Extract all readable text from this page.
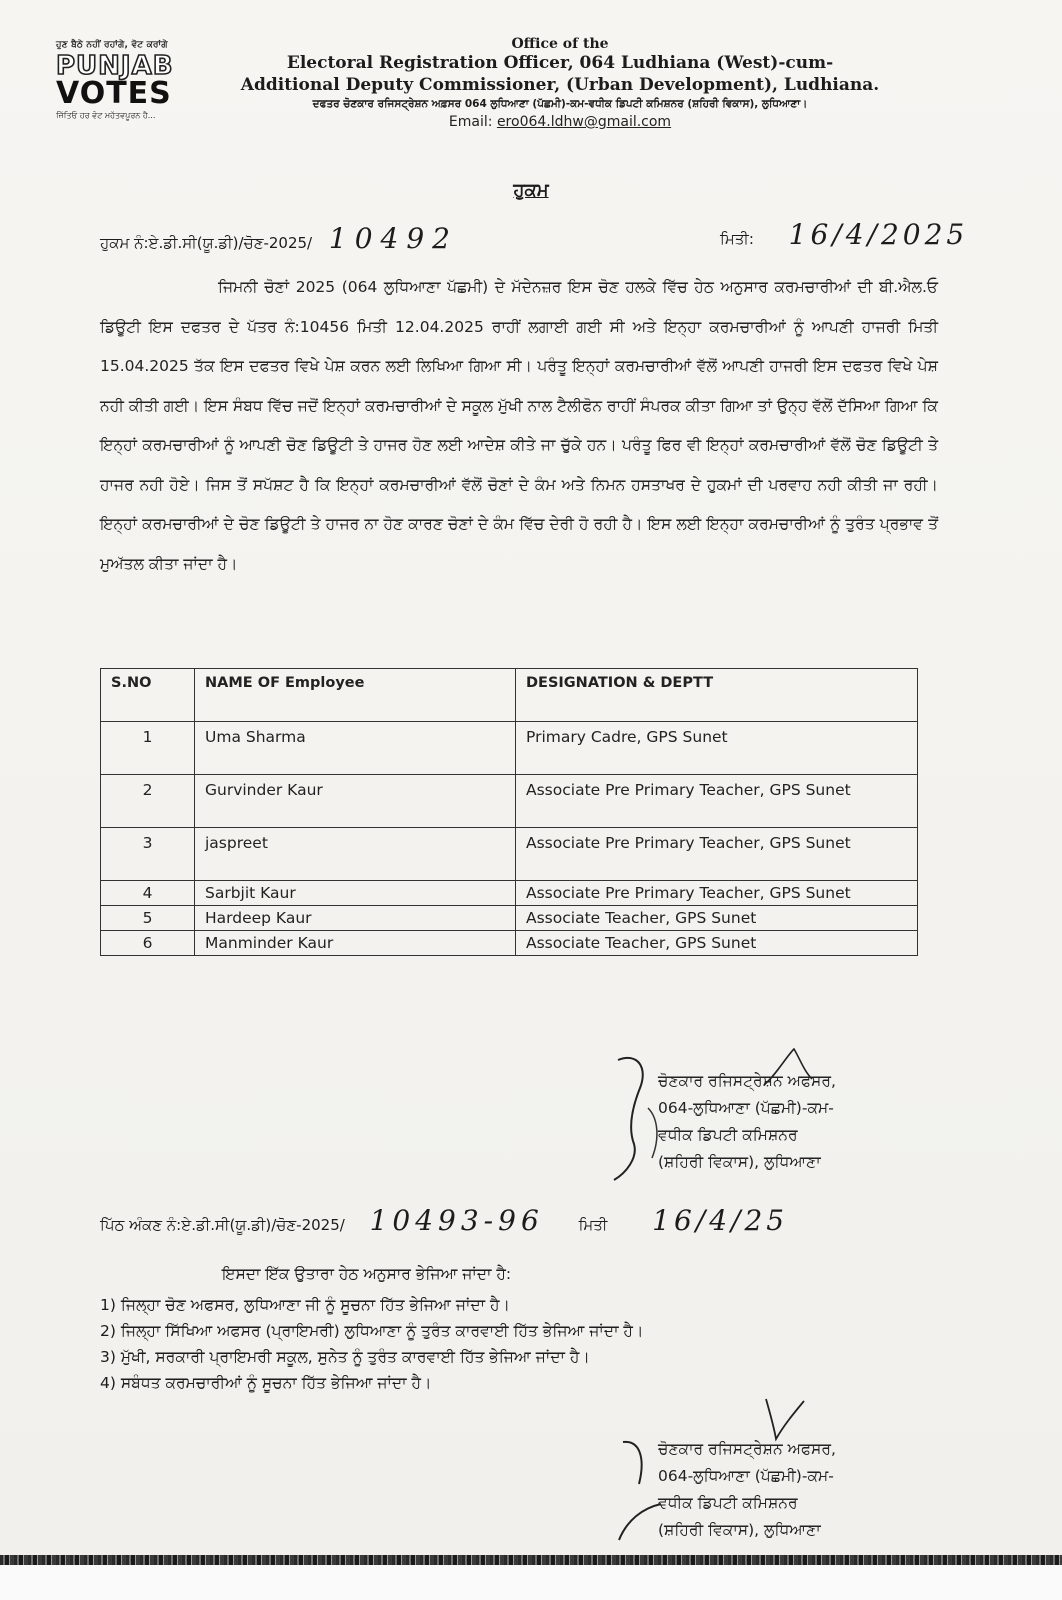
ਹੁਣ ਬੈਠੇ ਨਹੀਂ ਰਹਾਂਗੇ, ਵੋਟ ਕਰਾਂਗੇ
PUNJAB
VOTES
ਜਿੱਤਿਓ ਹਰ ਵੋਟ ਮਹੱਤਵਪੂਰਨ ਹੈ...
Office of the
Electoral Registration Officer, 064 Ludhiana (West)-cum-
Additional Deputy Commissioner, (Urban Development), Ludhiana.
ਦਫਤਰ ਚੋਣਕਾਰ ਰਜਿਸਟ੍ਰੇਸ਼ਨ ਅਫ਼ਸਰ 064 ਲੁਧਿਆਣਾ (ਪੱਛਮੀ)-ਕਮ-ਵਧੀਕ ਡਿਪਟੀ ਕਮਿਸ਼ਨਰ (ਸ਼ਹਿਰੀ ਵਿਕਾਸ), ਲੁਧਿਆਣਾ।
Email: ero064.ldhw@gmail.com
ਹੁਕਮ
ਹੁਕਮ ਨੰ:ਏ.ਡੀ.ਸੀ(ਯੂ.ਡੀ)/ਚੋਣ-2025/ 10492	ਮਿਤੀ: 16/4/2025
ਜਿਮਨੀ ਚੋਣਾਂ 2025 (064 ਲੁਧਿਆਣਾ ਪੱਛਮੀ) ਦੇ ਮੱਦੇਨਜ਼ਰ ਇਸ ਚੋਣ ਹਲਕੇ ਵਿੱਚ ਹੇਠ ਅਨੁਸਾਰ ਕਰਮਚਾਰੀਆਂ ਦੀ ਬੀ.ਐਲ.ਓ ਡਿਊਟੀ ਇਸ ਦਫਤਰ ਦੇ ਪੱਤਰ ਨੰ:10456 ਮਿਤੀ 12.04.2025 ਰਾਹੀਂ ਲਗਾਈ ਗਈ ਸੀ ਅਤੇ ਇਨ੍ਹਾ ਕਰਮਚਾਰੀਆਂ ਨੂੰ ਆਪਣੀ ਹਾਜਰੀ ਮਿਤੀ 15.04.2025 ਤੱਕ ਇਸ ਦਫਤਰ ਵਿਖੇ ਪੇਸ਼ ਕਰਨ ਲਈ ਲਿਖਿਆ ਗਿਆ ਸੀ। ਪਰੰਤੂ ਇਨ੍ਹਾਂ ਕਰਮਚਾਰੀਆਂ ਵੱਲੋਂ ਆਪਣੀ ਹਾਜਰੀ ਇਸ ਦਫਤਰ ਵਿਖੇ ਪੇਸ਼ ਨਹੀ ਕੀਤੀ ਗਈ। ਇਸ ਸੰਬਧ ਵਿੱਚ ਜਦੋਂ ਇਨ੍ਹਾਂ ਕਰਮਚਾਰੀਆਂ ਦੇ ਸਕੂਲ ਮੁੱਖੀ ਨਾਲ ਟੈਲੀਫੋਨ ਰਾਹੀਂ ਸੰਪਰਕ ਕੀਤਾ ਗਿਆ ਤਾਂ ਉਨ੍ਹ ਵੱਲੋਂ ਦੱਸਿਆ ਗਿਆ ਕਿ ਇਨ੍ਹਾਂ ਕਰਮਚਾਰੀਆਂ ਨੂੰ ਆਪਣੀ ਚੋਣ ਡਿਊਟੀ ਤੇ ਹਾਜਰ ਹੋਣ ਲਈ ਆਦੇਸ਼ ਕੀਤੇ ਜਾ ਚੁੱਕੇ ਹਨ। ਪਰੰਤੂ ਫਿਰ ਵੀ ਇਨ੍ਹਾਂ ਕਰਮਚਾਰੀਆਂ ਵੱਲੋਂ ਚੋਣ ਡਿਊਟੀ ਤੇ ਹਾਜਰ ਨਹੀ ਹੋਏ। ਜਿਸ ਤੋਂ ਸਪੱਸ਼ਟ ਹੈ ਕਿ ਇਨ੍ਹਾਂ ਕਰਮਚਾਰੀਆਂ ਵੱਲੋਂ ਚੋਣਾਂ ਦੇ ਕੰਮ ਅਤੇ ਨਿਮਨ ਹਸਤਾਖਰ ਦੇ ਹੁਕਮਾਂ ਦੀ ਪਰਵਾਹ ਨਹੀ ਕੀਤੀ ਜਾ ਰਹੀ। ਇਨ੍ਹਾਂ ਕਰਮਚਾਰੀਆਂ ਦੇ ਚੋਣ ਡਿਊਟੀ ਤੇ ਹਾਜਰ ਨਾ ਹੋਣ ਕਾਰਣ ਚੋਣਾਂ ਦੇ ਕੰਮ ਵਿੱਚ ਦੇਰੀ ਹੋ ਰਹੀ ਹੈ। ਇਸ ਲਈ ਇਨ੍ਹਾ ਕਰਮਚਾਰੀਆਂ ਨੂੰ ਤੁਰੰਤ ਪ੍ਰਭਾਵ ਤੋਂ ਮੁਅੱਤਲ ਕੀਤਾ ਜਾਂਦਾ ਹੈ।
S.NO	NAME OF Employee	DESIGNATION & DEPTT
1	Uma Sharma	Primary Cadre, GPS Sunet
2	Gurvinder Kaur	Associate Pre Primary Teacher, GPS Sunet
3	jaspreet	Associate Pre Primary Teacher, GPS Sunet
4	Sarbjit Kaur	Associate Pre Primary Teacher, GPS Sunet
5	Hardeep Kaur	Associate Teacher, GPS Sunet
6	Manminder Kaur	Associate Teacher, GPS Sunet
ਚੋਣਕਾਰ ਰਜਿਸਟ੍ਰੇਸ਼ਨ ਅਫਸਰ,
064-ਲੁਧਿਆਣਾ (ਪੱਛਮੀ)-ਕਮ-
ਵਧੀਕ ਡਿਪਟੀ ਕਮਿਸ਼ਨਰ
(ਸ਼ਹਿਰੀ ਵਿਕਾਸ), ਲੁਧਿਆਣਾ
ਪਿੱਠ ਅੰਕਣ ਨੰ:ਏ.ਡੀ.ਸੀ(ਯੂ.ਡੀ)/ਚੋਣ-2025/ 10493-96 ਮਿਤੀ 16/4/25
ਇਸਦਾ ਇੱਕ ਉਤਾਰਾ ਹੇਠ ਅਨੁਸਾਰ ਭੇਜਿਆ ਜਾਂਦਾ ਹੈ:
1) ਜਿਲ੍ਹਾ ਚੋਣ ਅਫਸਰ, ਲੁਧਿਆਣਾ ਜੀ ਨੂੰ ਸੂਚਨਾ ਹਿੱਤ ਭੇਜਿਆ ਜਾਂਦਾ ਹੈ।
2) ਜਿਲ੍ਹਾ ਸਿੱਖਿਆ ਅਫਸਰ (ਪ੍ਰਾਇਮਰੀ) ਲੁਧਿਆਣਾ ਨੂੰ ਤੁਰੰਤ ਕਾਰਵਾਈ ਹਿੱਤ ਭੇਜਿਆ ਜਾਂਦਾ ਹੈ।
3) ਮੁੱਖੀ, ਸਰਕਾਰੀ ਪ੍ਰਾਇਮਰੀ ਸਕੂਲ, ਸੁਨੇਤ ਨੂੰ ਤੁਰੰਤ ਕਾਰਵਾਈ ਹਿੱਤ ਭੇਜਿਆ ਜਾਂਦਾ ਹੈ।
4) ਸਬੰਧਤ ਕਰਮਚਾਰੀਆਂ ਨੂੰ ਸੂਚਨਾ ਹਿੱਤ ਭੇਜਿਆ ਜਾਂਦਾ ਹੈ।
ਚੋਣਕਾਰ ਰਜਿਸਟ੍ਰੇਸ਼ਨ ਅਫਸਰ,
064-ਲੁਧਿਆਣਾ (ਪੱਛਮੀ)-ਕਮ-
ਵਧੀਕ ਡਿਪਟੀ ਕਮਿਸ਼ਨਰ
(ਸ਼ਹਿਰੀ ਵਿਕਾਸ), ਲੁਧਿਆਣਾ
